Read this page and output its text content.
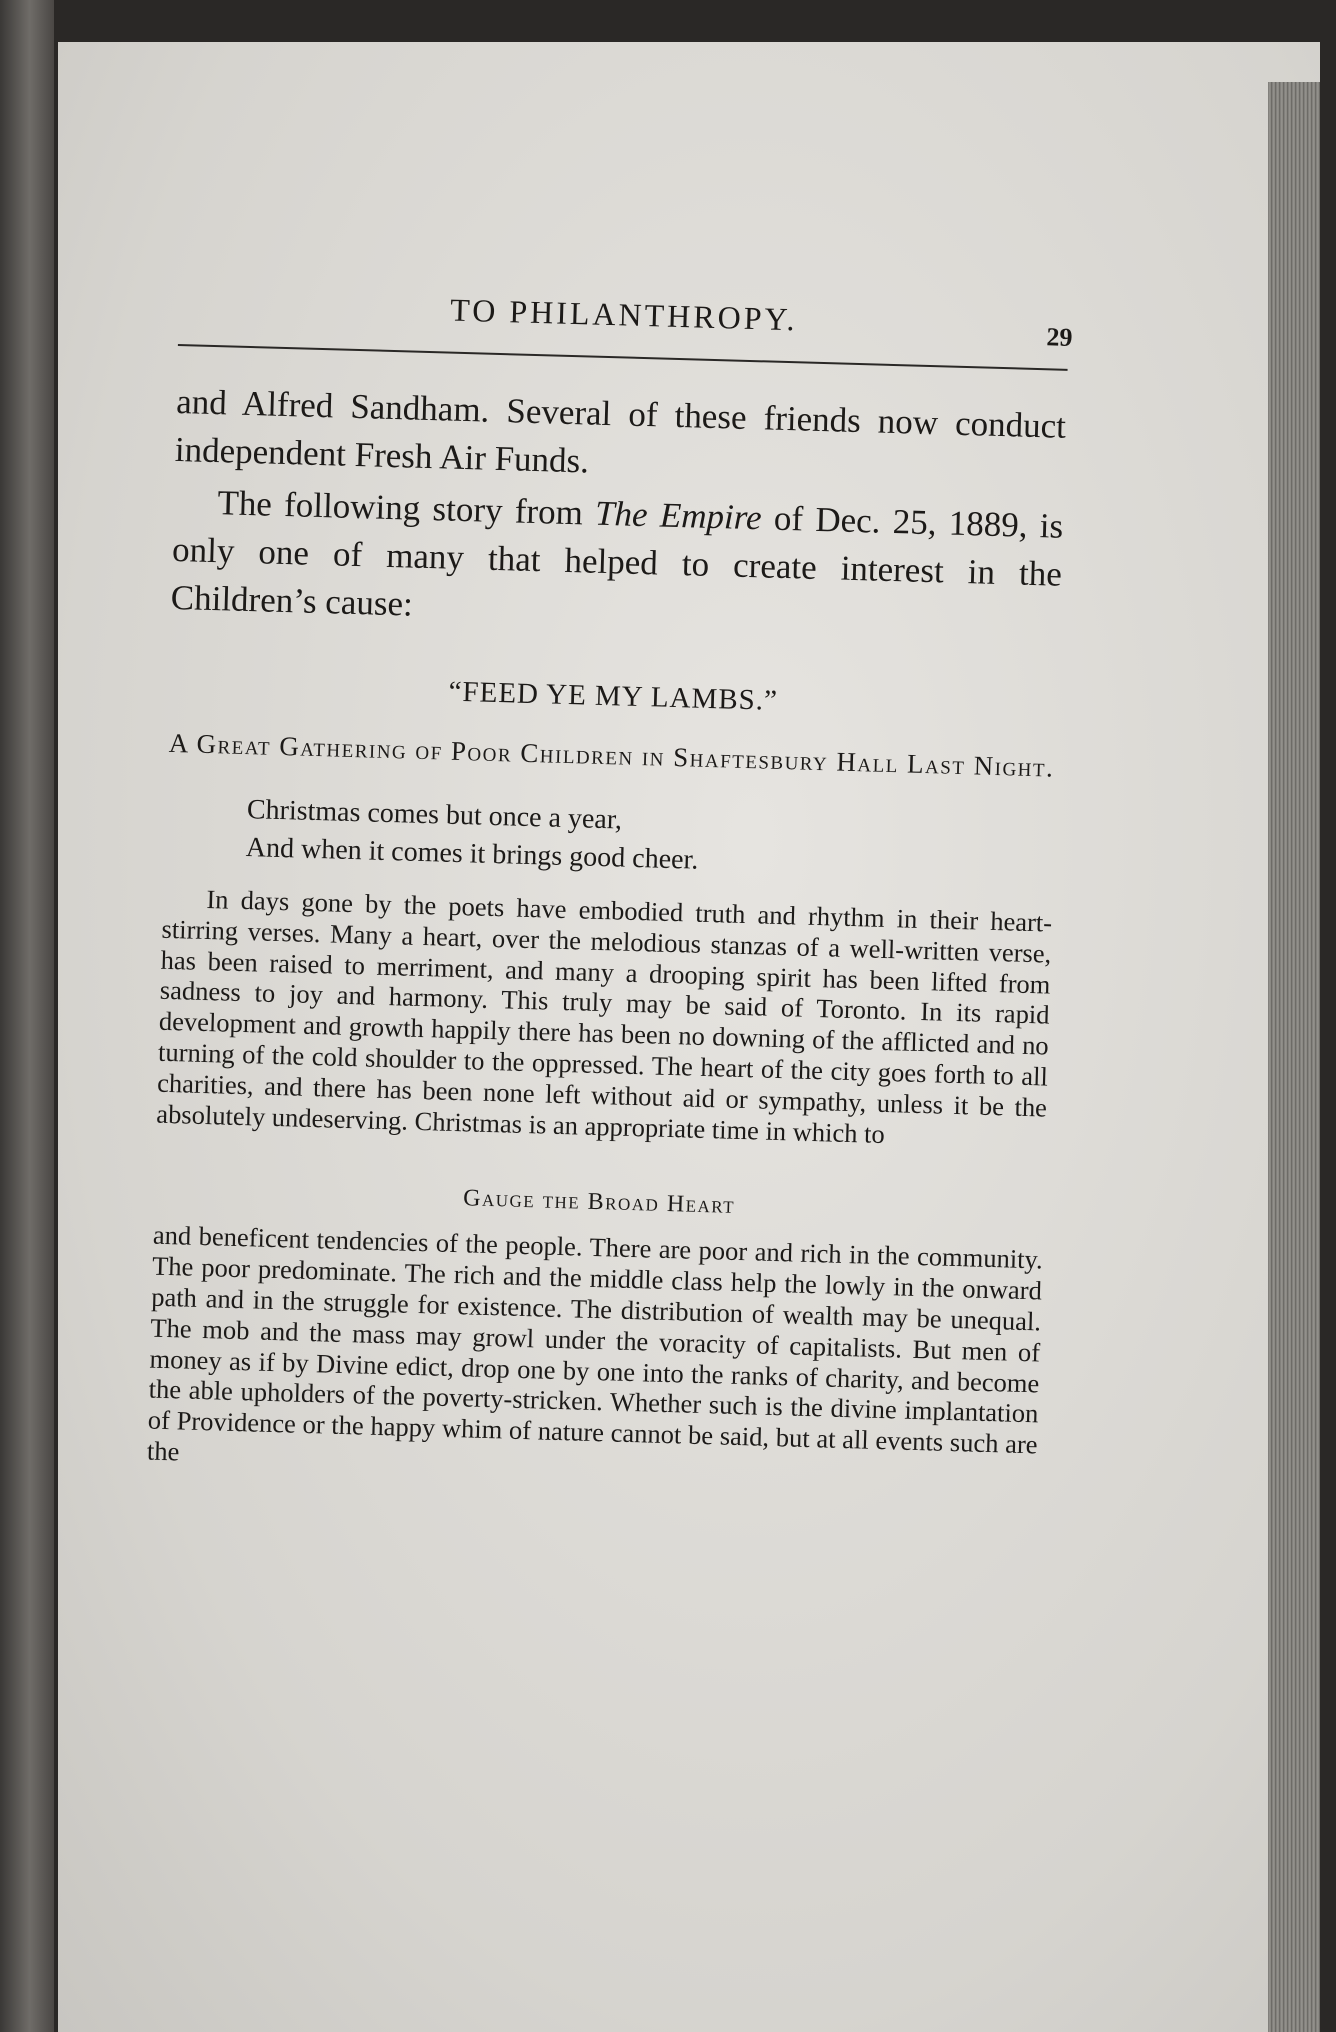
TO PHILANTHROPY.	29

and Alfred Sandham. Several of these friends now conduct independent Fresh Air Funds.

The following story from The Empire of Dec. 25, 1889, is only one of many that helped to create interest in the Children’s cause:

“FEED YE MY LAMBS.”
A Great Gathering of Poor Children in Shaftesbury Hall Last Night.
Christmas comes but once a year,
And when it comes it brings good cheer.

In days gone by the poets have embodied truth and rhythm in their heart-stirring verses. Many a heart, over the melodious stanzas of a well-written verse, has been raised to merriment, and many a drooping spirit has been lifted from sadness to joy and harmony. This truly may be said of Toronto. In its rapid development and growth happily there has been no downing of the afflicted and no turning of the cold shoulder to the oppressed. The heart of the city goes forth to all charities, and there has been none left without aid or sympathy, unless it be the absolutely undeserving. Christmas is an appropriate time in which to

Gauge the Broad Heart

and beneficent tendencies of the people. There are poor and rich in the community. The poor predominate. The rich and the middle class help the lowly in the onward path and in the struggle for existence. The distribution of wealth may be unequal. The mob and the mass may growl under the voracity of capitalists. But men of money as if by Divine edict, drop one by one into the ranks of charity, and become the able upholders of the poverty-stricken. Whether such is the divine implantation of Providence or the happy whim of nature cannot be said, but at all events such are the
